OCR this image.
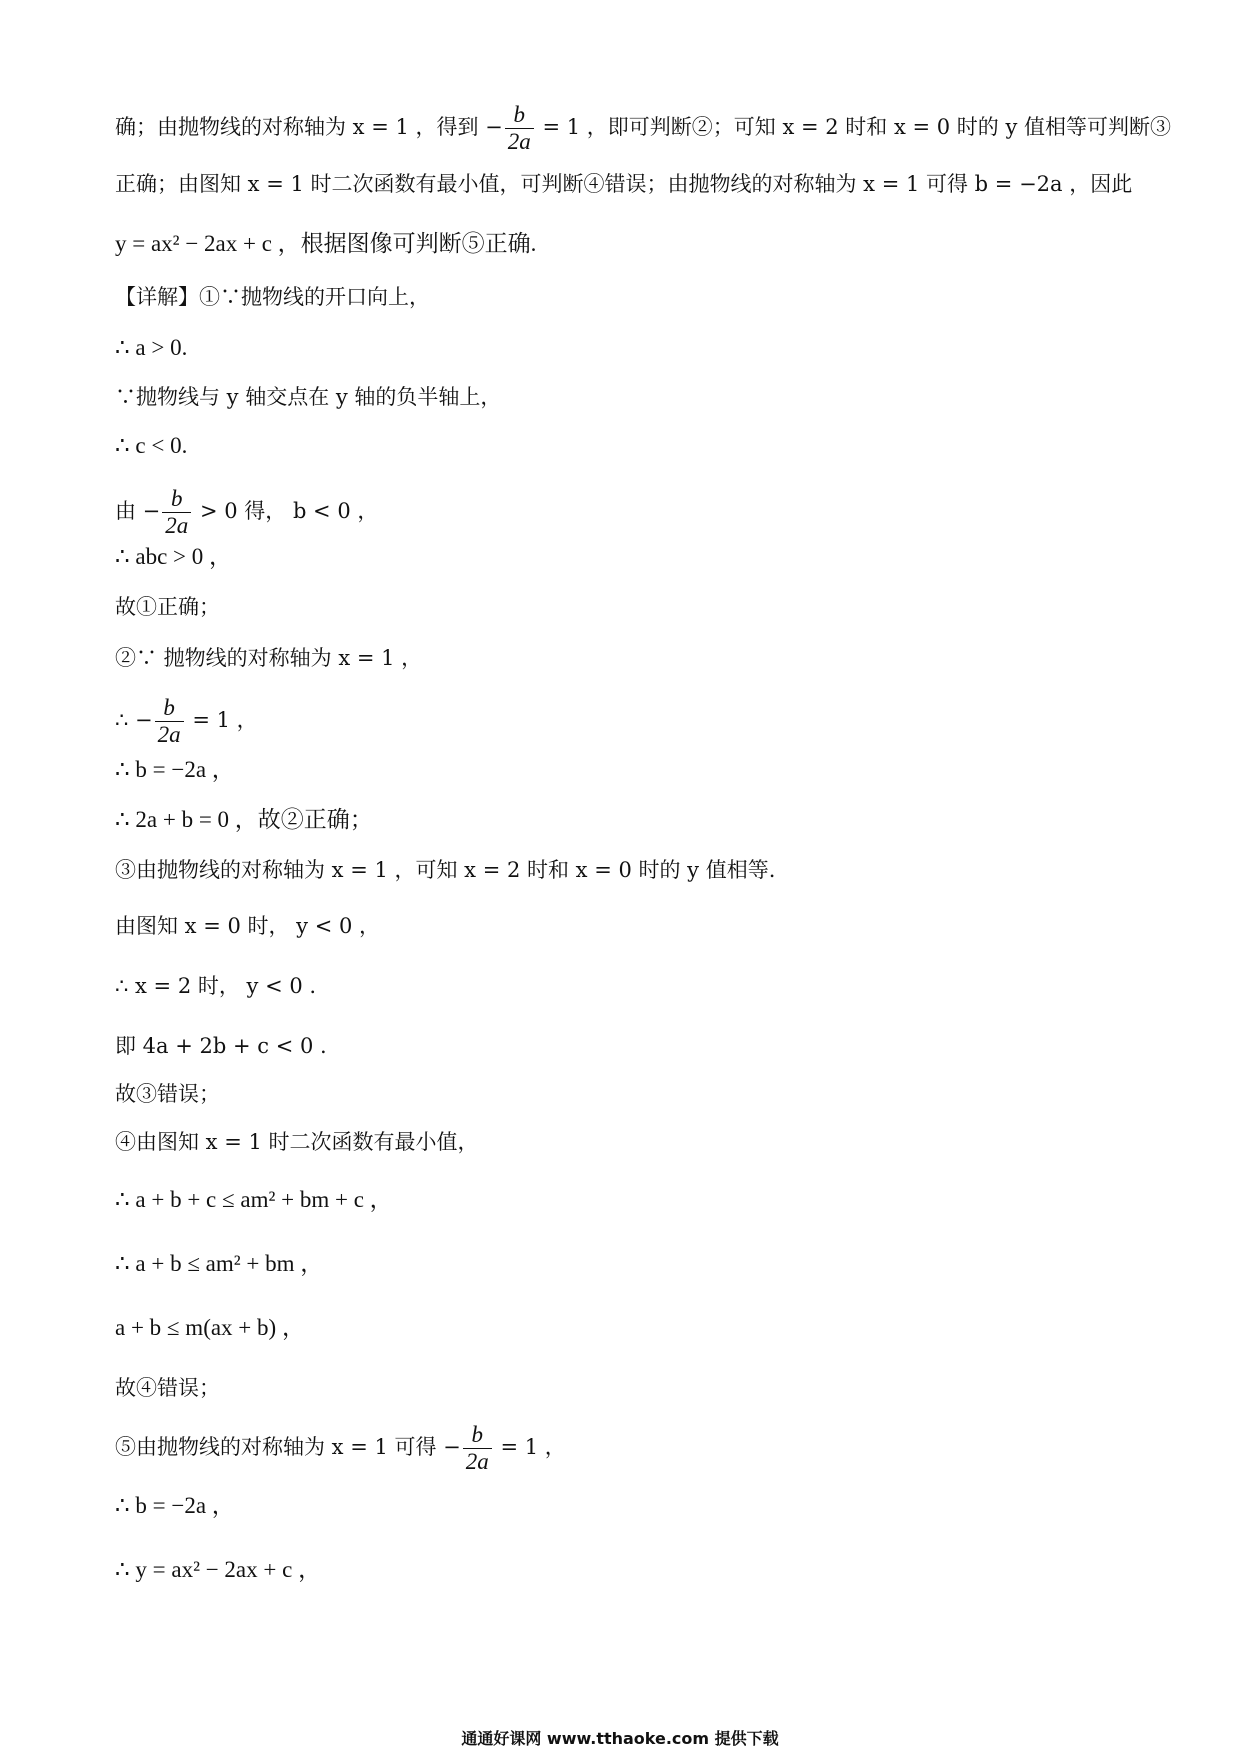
确；由抛物线的对称轴为 x = 1 ，得到 − $\frac{b}{2a} = 1$ ，即可判断②；可知 x = 2 时和 x = 0 时的 y 值相等可判断③
正确；由图知 x = 1 时二次函数有最小值，可判断④错误；由抛物线的对称轴为 x = 1 可得 b = −2a ，因此
y = ax² − 2ax + c ，根据图像可判断⑤正确.
【详解】①∵抛物线的开口向上，
∴ a > 0.
∵抛物线与 y 轴交点在 y 轴的负半轴上，
∴ c < 0.
由 − $\frac{b}{2a} > 0$ 得， b < 0 ，
∴ abc > 0 ，
故①正确；
②∵ 抛物线的对称轴为 x = 1 ，
∴ − $\frac{b}{2a} = 1$ ，
∴ b = −2a ，
∴ 2a + b = 0 ，故②正确；
③由抛物线的对称轴为 x = 1 ，可知 x = 2 时和 x = 0 时的 y 值相等.
由图知 x = 0 时， y < 0 ，
∴ x = 2 时， y < 0 .
即 4a + 2b + c < 0 .
故③错误；
④由图知 x = 1 时二次函数有最小值，
∴ a + b + c ≤ am² + bm + c ，
∴ a + b ≤ am² + bm ，
a + b ≤ m(ax + b) ，
故④错误；
⑤由抛物线的对称轴为 x = 1 可得 − $\frac{b}{2a} = 1$ ，
∴ b = −2a ，
∴ y = ax² − 2ax + c ，
通通好课网 www.tthaoke.com 提供下载
